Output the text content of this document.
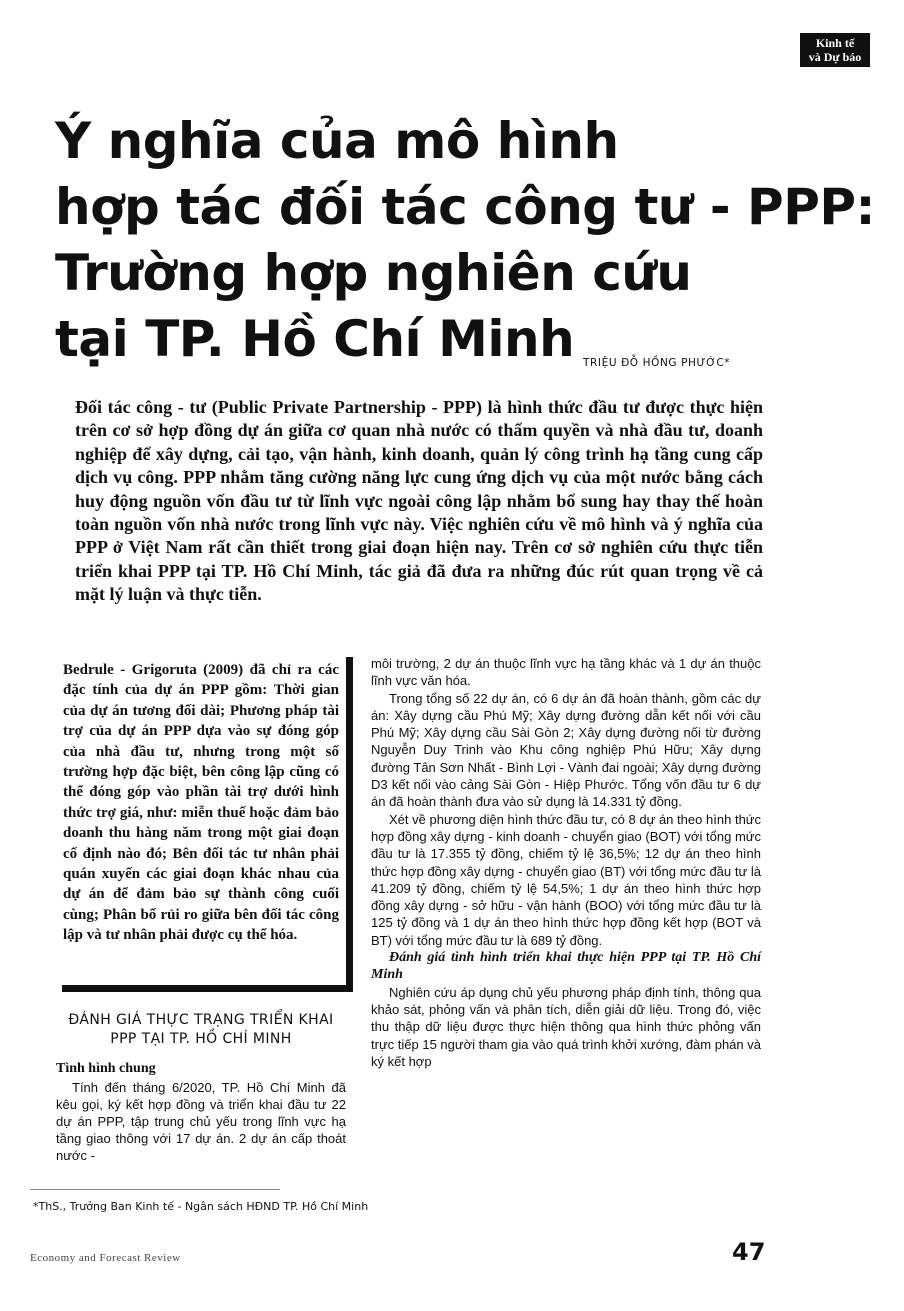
Kinh tế
và Dự báo
Ý nghĩa của mô hình
hợp tác đối tác công tư - PPP:
Trường hợp nghiên cứu
tại TP. Hồ Chí Minh TRIỆU ĐỖ HỒNG PHƯỚC*
Đối tác công - tư (Public Private Partnership - PPP) là hình thức đầu tư được thực hiện trên cơ sở hợp đồng dự án giữa cơ quan nhà nước có thẩm quyền và nhà đầu tư, doanh nghiệp để xây dựng, cải tạo, vận hành, kinh doanh, quản lý công trình hạ tầng cung cấp dịch vụ công. PPP nhằm tăng cường năng lực cung ứng dịch vụ của một nước bằng cách huy động nguồn vốn đầu tư từ lĩnh vực ngoài công lập nhằm bổ sung hay thay thế hoàn toàn nguồn vốn nhà nước trong lĩnh vực này. Việc nghiên cứu về mô hình và ý nghĩa của PPP ở Việt Nam rất cần thiết trong giai đoạn hiện nay. Trên cơ sở nghiên cứu thực tiễn triển khai PPP tại TP. Hồ Chí Minh, tác giả đã đưa ra những đúc rút quan trọng về cả mặt lý luận và thực tiễn.
Bedrule - Grigoruta (2009) đã chỉ ra các đặc tính của dự án PPP gồm: Thời gian của dự án tương đối dài; Phương pháp tài trợ của dự án PPP dựa vào sự đóng góp của nhà đầu tư, nhưng trong một số trường hợp đặc biệt, bên công lập cũng có thể đóng góp vào phần tài trợ dưới hình thức trợ giá, như: miễn thuế hoặc đảm bảo doanh thu hàng năm trong một giai đoạn cố định nào đó; Bên đối tác tư nhân phải quán xuyến các giai đoạn khác nhau của dự án để đảm bảo sự thành công cuối cùng; Phân bổ rủi ro giữa bên đối tác công lập và tư nhân phải được cụ thể hóa.
ĐÁNH GIÁ THỰC TRẠNG TRIỂN KHAI PPP TẠI TP. HỒ CHÍ MINH
Tình hình chung
Tính đến tháng 6/2020, TP. Hồ Chí Minh đã kêu gọi, ký kết hợp đồng và triển khai đầu tư 22 dự án PPP, tập trung chủ yếu trong lĩnh vực hạ tầng giao thông với 17 dự án. 2 dự án cấp thoát nước -

môi trường, 2 dự án thuộc lĩnh vực hạ tầng khác và 1 dự án thuộc lĩnh vực văn hóa.

Trong tổng số 22 dự án, có 6 dự án đã hoàn thành, gồm các dự án: Xây dựng cầu Phú Mỹ; Xây dựng đường dẫn kết nối với cầu Phú Mỹ; Xây dựng cầu Sài Gòn 2; Xây dựng đường nối từ đường Nguyễn Duy Trinh vào Khu công nghiệp Phú Hữu; Xây dựng đường Tân Sơn Nhất - Bình Lợi - Vành đai ngoài; Xây dựng đường D3 kết nối vào cảng Sài Gòn - Hiệp Phước. Tổng vốn đầu tư 6 dự án đã hoàn thành đưa vào sử dụng là 14.331 tỷ đồng.

Xét về phương diện hình thức đầu tư, có 8 dự án theo hình thức hợp đồng xây dựng - kinh doanh - chuyển giao (BOT) với tổng mức đầu tư là 17.355 tỷ đồng, chiếm tỷ lệ 36,5%; 12 dự án theo hình thức hợp đồng xây dựng - chuyển giao (BT) với tổng mức đầu tư là 41.209 tỷ đồng, chiếm tỷ lệ 54,5%; 1 dự án theo hình thức hợp đồng xây dựng - sở hữu - vận hành (BOO) với tổng mức đầu tư là 125 tỷ đồng và 1 dự án theo hình thức hợp đồng kết hợp (BOT và BT) với tổng mức đầu tư là 689 tỷ đồng.

Đánh giá tình hình triển khai thực hiện PPP tại TP. Hồ Chí Minh

Nghiên cứu áp dụng chủ yếu phương pháp định tính, thông qua khảo sát, phỏng vấn và phân tích, diễn giải dữ liệu. Trong đó, việc thu thập dữ liệu được thực hiện thông qua hình thức phỏng vấn trực tiếp 15 người tham gia vào quá trình khởi xướng, đàm phán và ký kết hợp

*ThS., Trưởng Ban Kinh tế - Ngân sách HĐND TP. Hồ Chí Minh
Economy and Forecast Review	47
